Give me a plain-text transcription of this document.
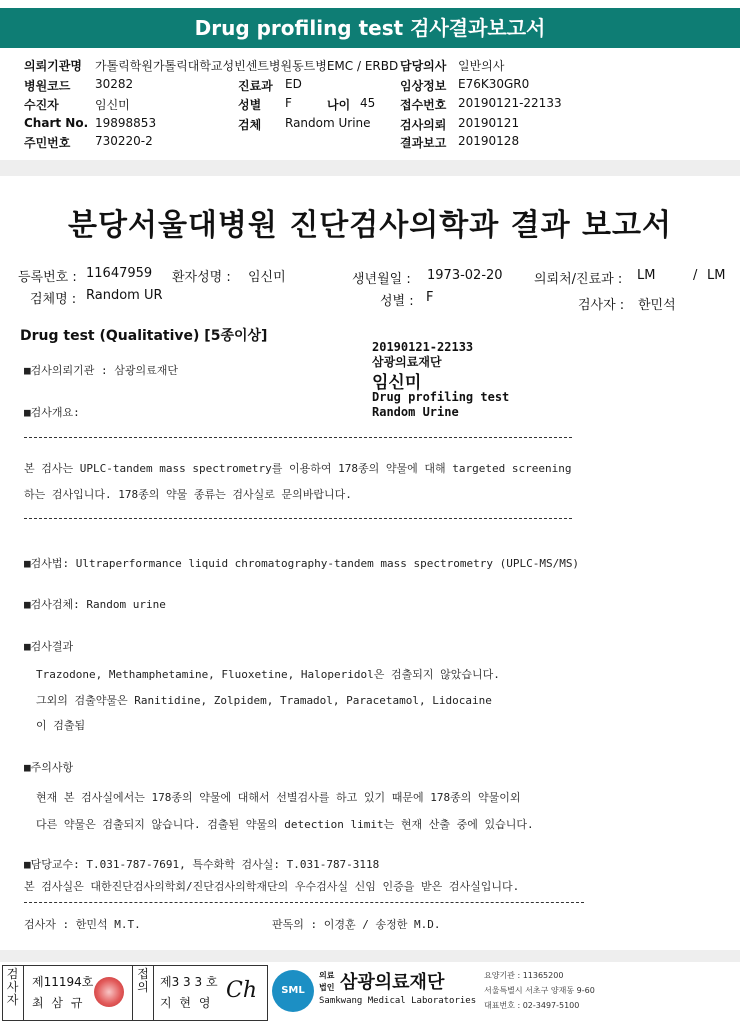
Drug profiling test 검사결과보고서
의뢰기관명 가톨릭학원가톨릭대학교성빈센트병원동트병EMC / ERBD 담당의사 일반의사
병원코드 30282	진료과 ED	임상정보 E76K30GR0
수진자	임신미	성별 F	나이 45 접수번호 20190121-22133
Chart No. 19898853	검체 Random Urine 검사의뢰 20190121
주민번호 730220-2	결과보고 20190128
분당서울대병원 진단검사의학과 결과 보고서
등록번호 : 11647959 환자성명 : 임신미	생년월일 : 1973-02-20 의뢰처/진료과 : LM	/ LM
검체명 : Random UR	성별 : F
검사자 : 한민석
Drug test (Qualitative) [5종이상]
20190121-22133
삼광의료재단
임신미
Drug profiling test
Random Urine
■검사의뢰기관 : 삼광의료재단
■검사개요:
본 검사는 UPLC-tandem mass spectrometry를 이용하여 178종의 약물에 대해 targeted screening
하는 검사입니다. 178종의 약물 종류는 검사실로 문의바랍니다.
■검사법: Ultraperformance liquid chromatography-tandem mass spectrometry (UPLC-MS/MS)
■검사검체: Random urine
■검사결과
Trazodone, Methamphetamine, Fluoxetine, Haloperidol은 검출되지 않았습니다.
그외의 검출약물은 Ranitidine, Zolpidem, Tramadol, Paracetamol, Lidocaine
이 검출됨
■주의사항
현재 본 검사실에서는 178종의 약물에 대해서 선별검사를 하고 있기 때문에 178종의 약물이외
다른 약물은 검출되지 않습니다. 검출된 약물의 detection limit는 현재 산출 중에 있습니다.
■담당교수: T.031-787-7691, 특수화학 검사실: T.031-787-3118
본 검사실은 대한진단검사의학회/진단검사의학재단의 우수검사실 신임 인증을 받은 검사실입니다.
검사자 : 한민석 M.T.	판독의 : 이경훈 / 송정한 M.D.
검사자
제11194호
최 삼 규
접의 제3 3 3 호
지 현 영 Ch	SML
의료
법인 삼광의료재단
Samkwang Medical Laboratories
요양기관 : 11365200
서울특별시 서초구 양재동 9-60
대표번호 : 02-3497-5100
